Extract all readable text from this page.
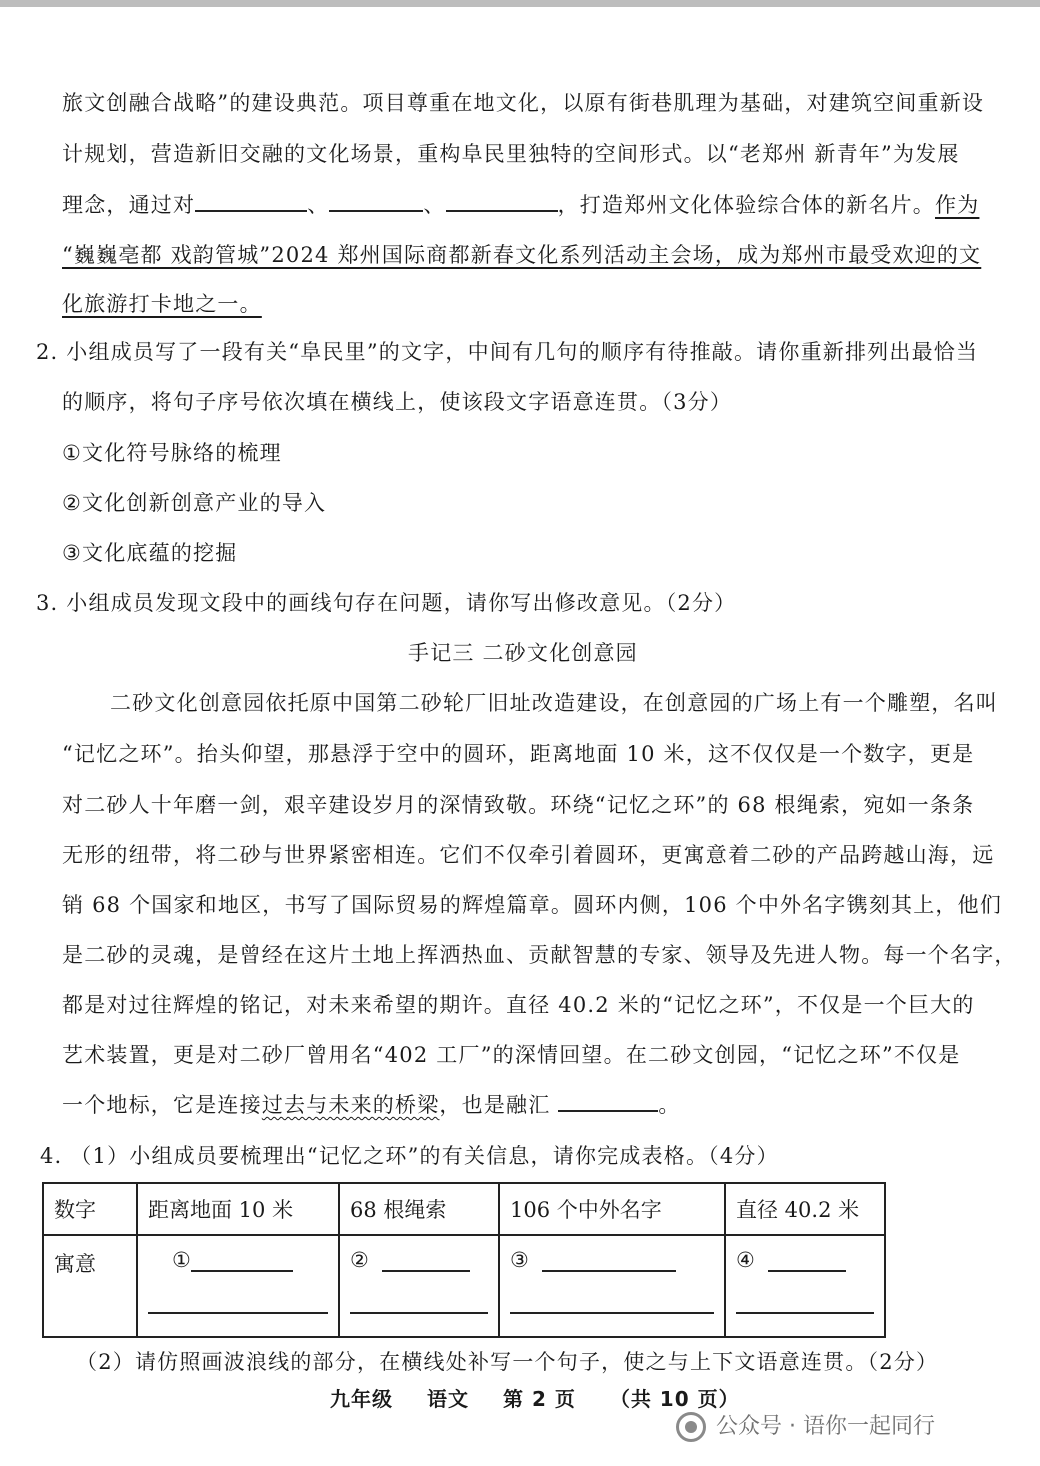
旅文创融合战略”的建设典范。项目尊重在地文化，以原有街巷肌理为基础，对建筑空间重新设
计规划，营造新旧交融的文化场景，重构阜民里独特的空间形式。以“老郑州 新青年”为发展
理念，通过对	、	、	，打造郑州文化体验综合体的新名片。作为
“巍巍亳都 戏韵管城”2024 郑州国际商都新春文化系列活动主会场，成为郑州市最受欢迎的文
化旅游打卡地之一。
2. 小组成员写了一段有关“阜民里”的文字，中间有几句的顺序有待推敲。请你重新排列出最恰当
的顺序，将句子序号依次填在横线上，使该段文字语意连贯。（3分）
①文化符号脉络的梳理
②文化创新创意产业的导入
③文化底蕴的挖掘
3. 小组成员发现文段中的画线句存在问题，请你写出修改意见。（2分）
手记三 二砂文化创意园
二砂文化创意园依托原中国第二砂轮厂旧址改造建设，在创意园的广场上有一个雕塑，名叫
“记忆之环”。抬头仰望，那悬浮于空中的圆环，距离地面 10 米，这不仅仅是一个数字，更是
对二砂人十年磨一剑，艰辛建设岁月的深情致敬。环绕“记忆之环”的 68 根绳索，宛如一条条
无形的纽带，将二砂与世界紧密相连。它们不仅牵引着圆环，更寓意着二砂的产品跨越山海，远
销 68 个国家和地区，书写了国际贸易的辉煌篇章。圆环内侧，106 个中外名字镌刻其上，他们
是二砂的灵魂，是曾经在这片土地上挥洒热血、贡献智慧的专家、领导及先进人物。每一个名字，
都是对过往辉煌的铭记，对未来希望的期许。直径 40.2 米的“记忆之环”，不仅是一个巨大的
艺术装置，更是对二砂厂曾用名“402 工厂”的深情回望。在二砂文创园，“记忆之环”不仅是
一个地标，它是连接过去与未来的桥梁，也是融汇	。
4. （1）小组成员要梳理出“记忆之环”的有关信息，请你完成表格。（4分）
数字	距离地面 10 米	68 根绳索	106 个中外名字	直径 40.2 米
寓意	①	②	③	④
（2）请仿照画波浪线的部分，在横线处补写一个句子，使之与上下文语意连贯。（2分）
九年级 语文 第 2 页 （共 10 页）
公众号 · 语你一起同行
